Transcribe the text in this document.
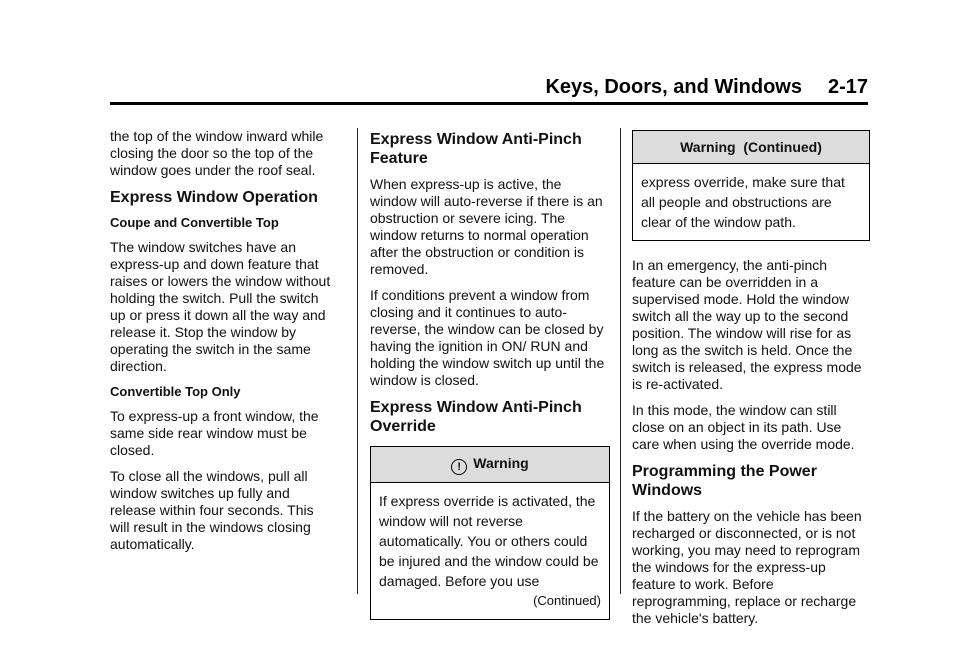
Keys, Doors, and Windows 2-17

the top of the window inward while closing the door so the top of the window goes under the roof seal.

Express Window Operation
Coupe and Convertible Top

The window switches have an express-up and down feature that raises or lowers the window without holding the switch. Pull the switch up or press it down all the way and release it. Stop the window by operating the switch in the same direction.

Convertible Top Only

To express-up a front window, the same side rear window must be closed.

To close all the windows, pull all window switches up fully and release within four seconds. This will result in the windows closing automatically.

Express Window Anti-Pinch Feature

When express-up is active, the window will auto-reverse if there is an obstruction or severe icing. The window returns to normal operation after the obstruction or condition is removed.

If conditions prevent a window from closing and it continues to auto-reverse, the window can be closed by having the ignition in ON/ RUN and holding the window switch up until the window is closed.

Express Window Anti-Pinch Override
! Warning
If express override is activated, the window will not reverse automatically. You or others could be injured and the window could be damaged. Before you use
(Continued)
Warning  (Continued)
express override, make sure that all people and obstructions are clear of the window path.

In an emergency, the anti-pinch feature can be overridden in a supervised mode. Hold the window switch all the way up to the second position. The window will rise for as long as the switch is held. Once the switch is released, the express mode is re-activated.

In this mode, the window can still close on an object in its path. Use care when using the override mode.

Programming the Power Windows

If the battery on the vehicle has been recharged or disconnected, or is not working, you may need to reprogram the windows for the express-up feature to work. Before reprogramming, replace or recharge the vehicle's battery.
